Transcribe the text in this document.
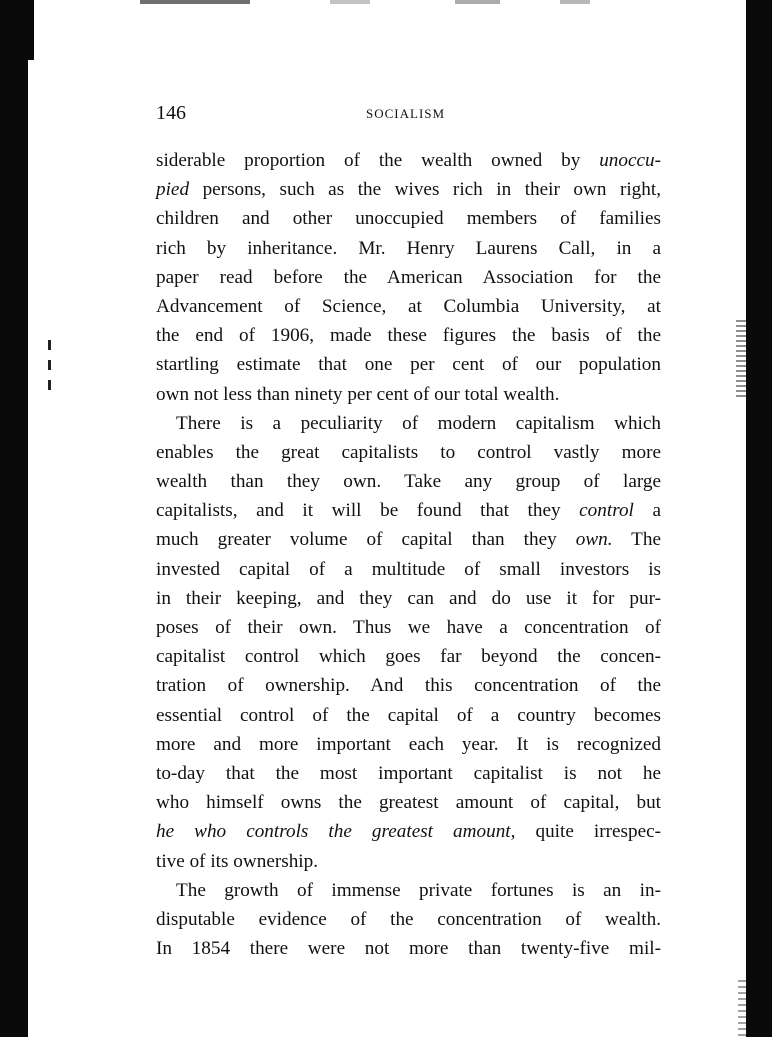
146	SOCIALISM
siderable proportion of the wealth owned by unoccu-
pied persons, such as the wives rich in their own right,
children and other unoccupied members of families
rich by inheritance. Mr. Henry Laurens Call, in a
paper read before the American Association for the
Advancement of Science, at Columbia University, at
the end of 1906, made these figures the basis of the
startling estimate that one per cent of our population
own not less than ninety per cent of our total wealth.
There is a peculiarity of modern capitalism which
enables the great capitalists to control vastly more
wealth than they own. Take any group of large
capitalists, and it will be found that they control a
much greater volume of capital than they own. The
invested capital of a multitude of small investors is
in their keeping, and they can and do use it for pur-
poses of their own. Thus we have a concentration of
capitalist control which goes far beyond the concen-
tration of ownership. And this concentration of the
essential control of the capital of a country becomes
more and more important each year. It is recognized
to-day that the most important capitalist is not he
who himself owns the greatest amount of capital, but
he who controls the greatest amount, quite irrespec-
tive of its ownership.
The growth of immense private fortunes is an in-
disputable evidence of the concentration of wealth.
In 1854 there were not more than twenty-five mil-
